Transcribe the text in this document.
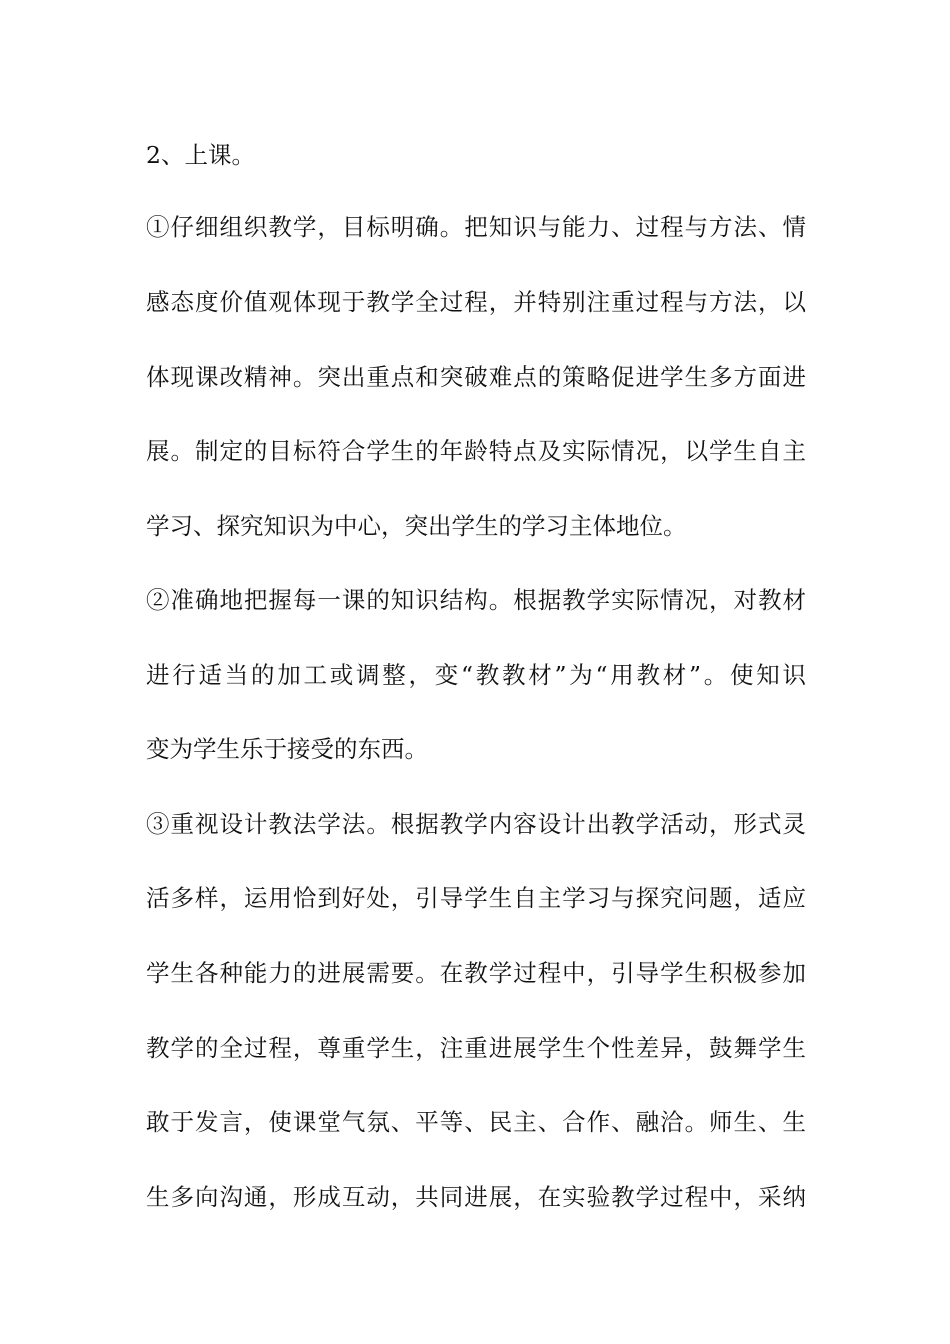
2、上课。
①仔细组织教学，目标明确。把知识与能力、过程与方法、情
感态度价值观体现于教学全过程，并特别注重过程与方法，以
体现课改精神。突出重点和突破难点的策略促进学生多方面进
展。制定的目标符合学生的年龄特点及实际情况，以学生自主
学习、探究知识为中心，突出学生的学习主体地位。
②准确地把握每一课的知识结构。根据教学实际情况，对教材
进行适当的加工或调整，变“教教材”为“用教材”。使知识
变为学生乐于接受的东西。
③重视设计教法学法。根据教学内容设计出教学活动，形式灵
活多样，运用恰到好处，引导学生自主学习与探究问题，适应
学生各种能力的进展需要。在教学过程中，引导学生积极参加
教学的全过程，尊重学生，注重进展学生个性差异，鼓舞学生
敢于发言，使课堂气氛、平等、民主、合作、融洽。师生、生
生多向沟通，形成互动，共同进展，在实验教学过程中，采纳
